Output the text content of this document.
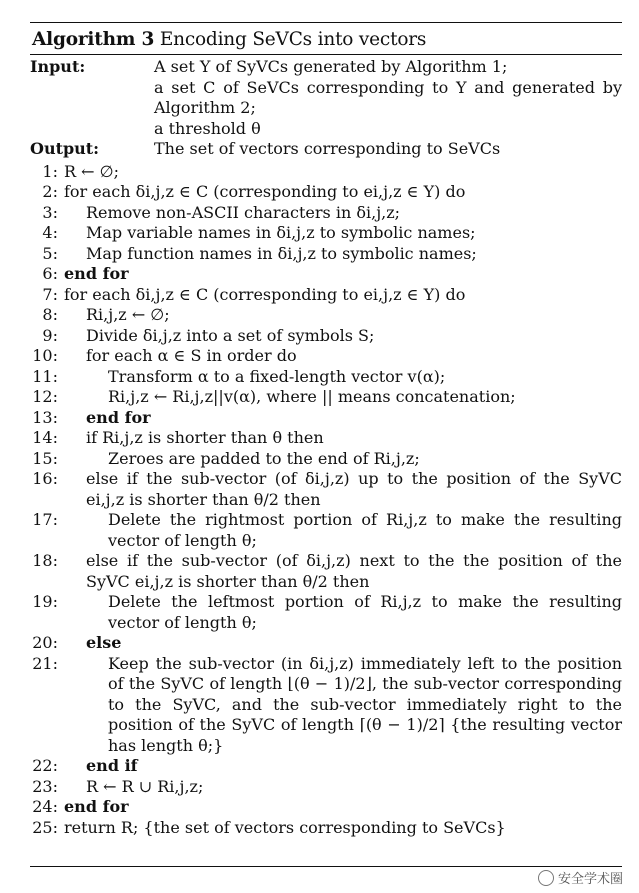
Algorithm 3 Encoding SeVCs into vectors
Input:	A set Y of SyVCs generated by Algorithm 1;
a set C of SeVCs corresponding to Y and generated by Algorithm 2;
a threshold θ
Output:	The set of vectors corresponding to SeVCs
1: R ← ∅;
2: for each δi,j,z ∈ C (corresponding to ei,j,z ∈ Y) do
3:	Remove non-ASCII characters in δi,j,z;
4:	Map variable names in δi,j,z to symbolic names;
5:	Map function names in δi,j,z to symbolic names;
6: end for
7: for each δi,j,z ∈ C (corresponding to ei,j,z ∈ Y) do
8:	Ri,j,z ← ∅;
9:	Divide δi,j,z into a set of symbols S;
10:	for each α ∈ S in order do
11:	Transform α to a fixed-length vector v(α);
12:	Ri,j,z ← Ri,j,z||v(α), where || means concatenation;
13:	end for
14:	if Ri,j,z is shorter than θ then
15:	Zeroes are padded to the end of Ri,j,z;
16:	else if the sub-vector (of δi,j,z) up to the position of the SyVC ei,j,z is shorter than θ/2 then
17:	Delete the rightmost portion of Ri,j,z to make the resulting vector of length θ;
18:	else if the sub-vector (of δi,j,z) next to the the position of the SyVC ei,j,z is shorter than θ/2 then
19:	Delete the leftmost portion of Ri,j,z to make the resulting vector of length θ;
20:	else
21:	Keep the sub-vector (in δi,j,z) immediately left to the position of the SyVC of length ⌊(θ − 1)/2⌋, the sub-vector corresponding to the SyVC, and the sub-vector immediately right to the position of the SyVC of length ⌈(θ − 1)/2⌉ {the resulting vector has length θ;}
22:	end if
23:	R ← R ∪ Ri,j,z;
24: end for
25: return R; {the set of vectors corresponding to SeVCs}
安全学术圈
